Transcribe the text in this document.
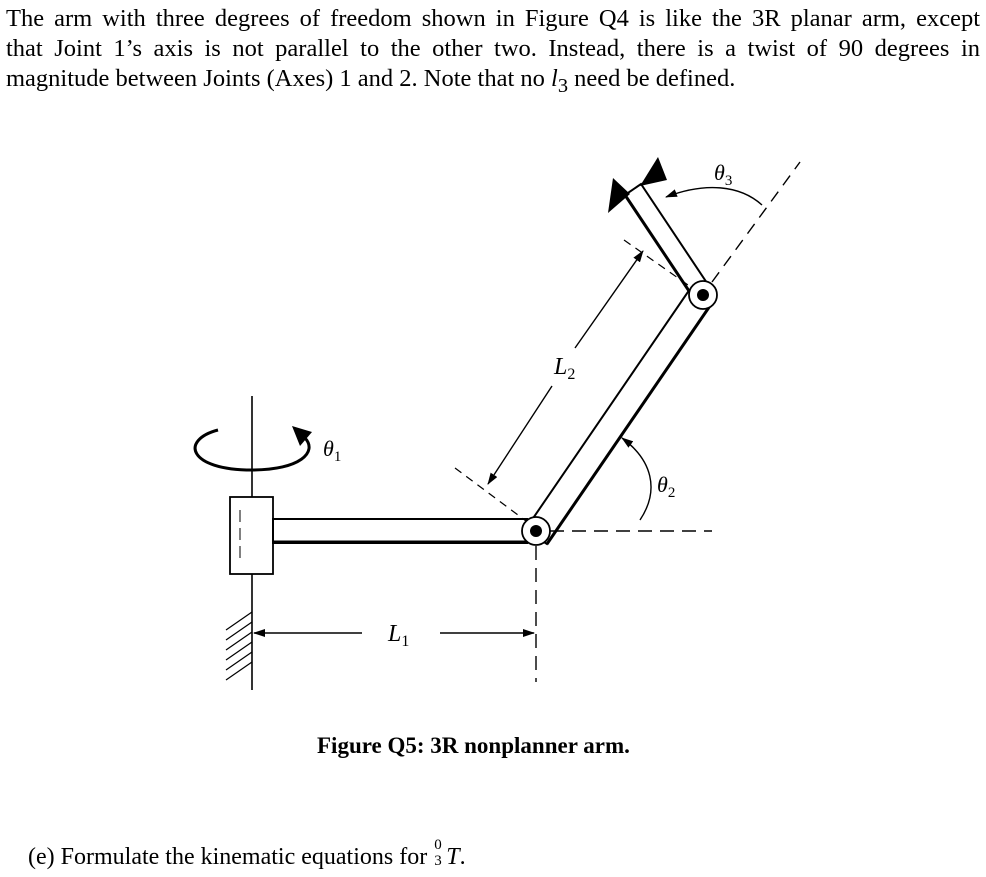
The arm with three degrees of freedom shown in Figure Q4 is like the 3R planar arm, except
that Joint 1’s axis is not parallel to the other two. Instead, there is a twist of 90 degrees in
magnitude between Joints (Axes) 1 and 2. Note that no $l_3$ need be defined.

$\theta_1$
$\theta_2$
$\theta_3$
$L_1$
$L_2$
Figure Q5: 3R nonplanner arm.
(e) Formulate the kinematic equations for 0
3 T.
